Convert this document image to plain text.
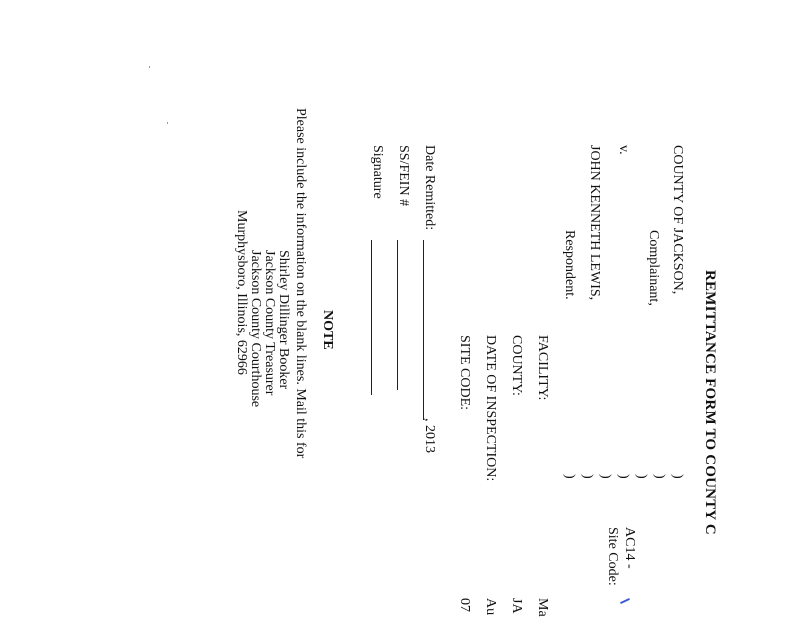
REMITTANCE FORM TO COUNTY C
COUNTY OF JACKSON,
Complainant,
v.
JOHN KENNETH LEWIS,
Respondent.
)
)
)
)
)
)
)
AC14 -
Site Code:
FACILITY:
Ma
COUNTY:
JA
DATE OF INSPECTION:
Au
SITE CODE:
07
Date Remitted:
, 2013
SS/FEIN #
Signature
NOTE
Please include the information on the blank lines. Mail this for
Shirley Dillinger Booker
Jackson County Treasurer
Jackson County Courthouse
Murphysboro, Illinois, 62966
